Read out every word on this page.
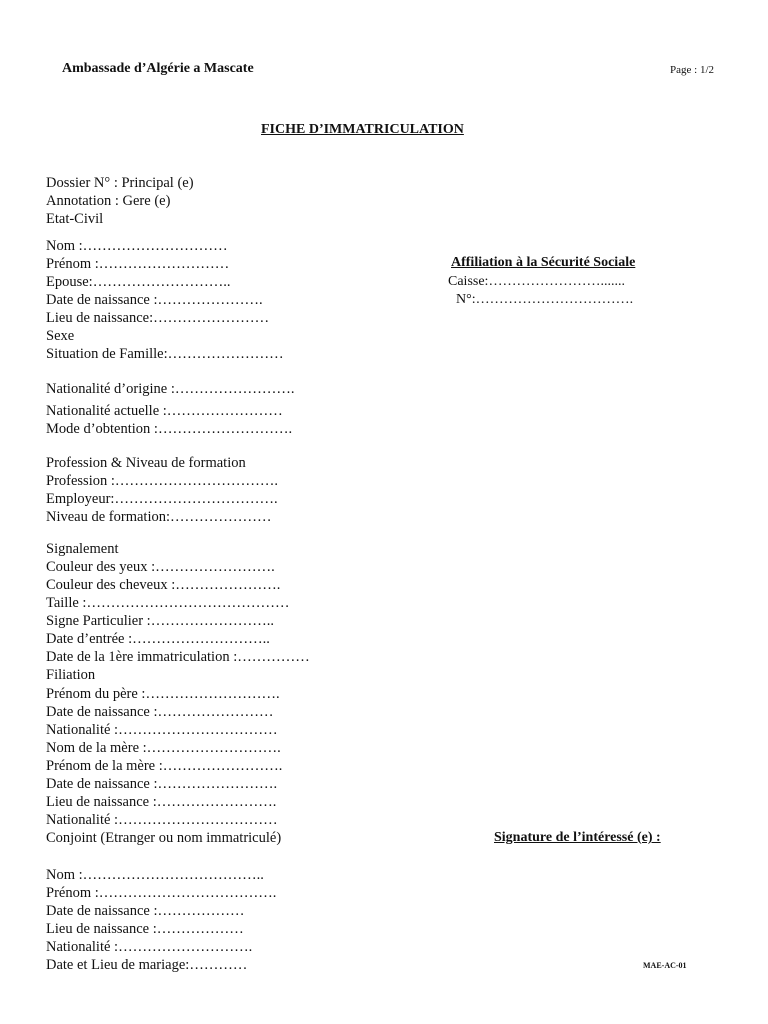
Ambassade d’Algérie a Mascate	Page : 1/2
FICHE D’IMMATRICULATION
Dossier N° : Principal (e)
Annotation : Gere (e)
Etat-Civil
Nom :…………………………
Prénom :………………………
Epouse:………………………..
Date de naissance :………………….
Lieu de naissance:……………………
Sexe
Situation de Famille:……………………
Nationalité d’origine :…………………….
Nationalité actuelle :……………………
Mode d’obtention :……………………….
Profession & Niveau de formation
Profession :…………………………….
Employeur:…………………………….
Niveau de formation:…………………
Signalement
Couleur des yeux :…………………….
Couleur des cheveux :………………….
Taille :……………………………………
Signe Particulier :……………………..
Date d’entrée :………………………..
Date de la 1ère immatriculation :……………
Filiation
Prénom du père :……………………….
Date de naissance :……………………
Nationalité :……………………………
Nom de la mère :……………………….
Prénom de la mère :…………………….
Date de naissance :…………………….
Lieu de naissance :…………………….
Nationalité :……………………………
Conjoint (Etranger ou nom immatriculé)
Nom :………………………………..
Prénom :……………………………….
Date de naissance :………………
Lieu de naissance :………………
Nationalité :……………………….
Date et Lieu de mariage:…………
Affiliation à la Sécurité Sociale
Caisse:…………………….......
N°:…………………………….
Signature de l’intéressé (e) :
MAE-AC-01
